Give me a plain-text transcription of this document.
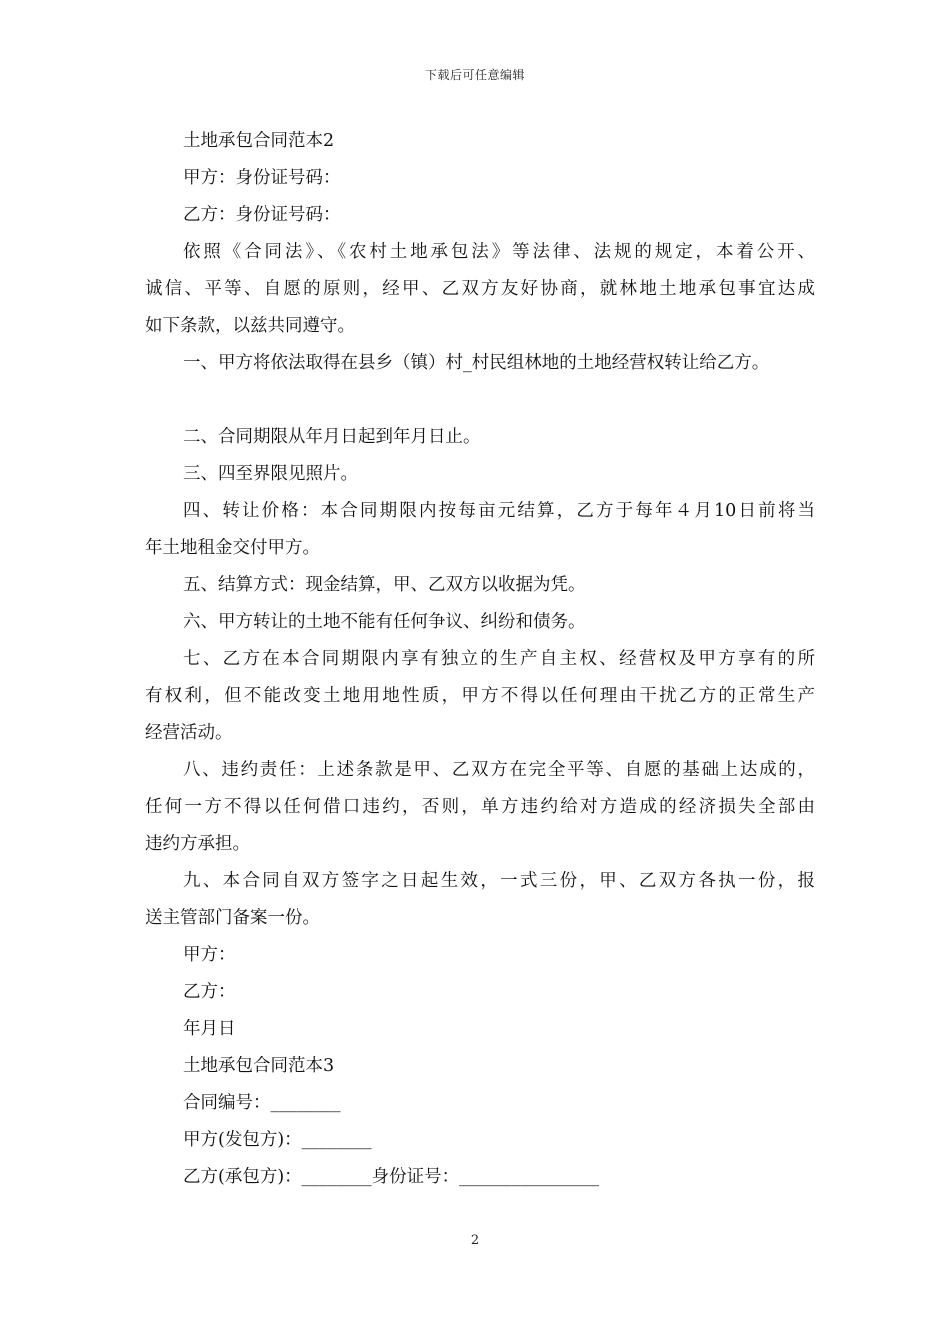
下载后可任意编辑
土地承包合同范本2
甲方：身份证号码：
乙方：身份证号码：
依照《合同法》、《农村土地承包法》等法律、法规的规定，本着公开、
诚信、平等、自愿的原则，经甲、乙双方友好协商，就林地土地承包事宜达成
如下条款，以兹共同遵守。
一、甲方将依法取得在县乡（镇）村_村民组林地的土地经营权转让给乙方。
二、合同期限从年月日起到年月日止。
三、四至界限见照片。
四、转让价格：本合同期限内按每亩元结算，乙方于每年４月10日前将当
年土地租金交付甲方。
五、结算方式：现金结算，甲、乙双方以收据为凭。
六、甲方转让的土地不能有任何争议、纠纷和债务。
七、乙方在本合同期限内享有独立的生产自主权、经营权及甲方享有的所
有权利，但不能改变土地用地性质，甲方不得以任何理由干扰乙方的正常生产
经营活动。
八、违约责任：上述条款是甲、乙双方在完全平等、自愿的基础上达成的，
任何一方不得以任何借口违约，否则，单方违约给对方造成的经济损失全部由
违约方承担。
九、本合同自双方签字之日起生效，一式三份，甲、乙双方各执一份，报
送主管部门备案一份。
甲方：
乙方：
年月日
土地承包合同范本3
合同编号：________
甲方(发包方)：________
乙方(承包方)：________身份证号：________________
2
